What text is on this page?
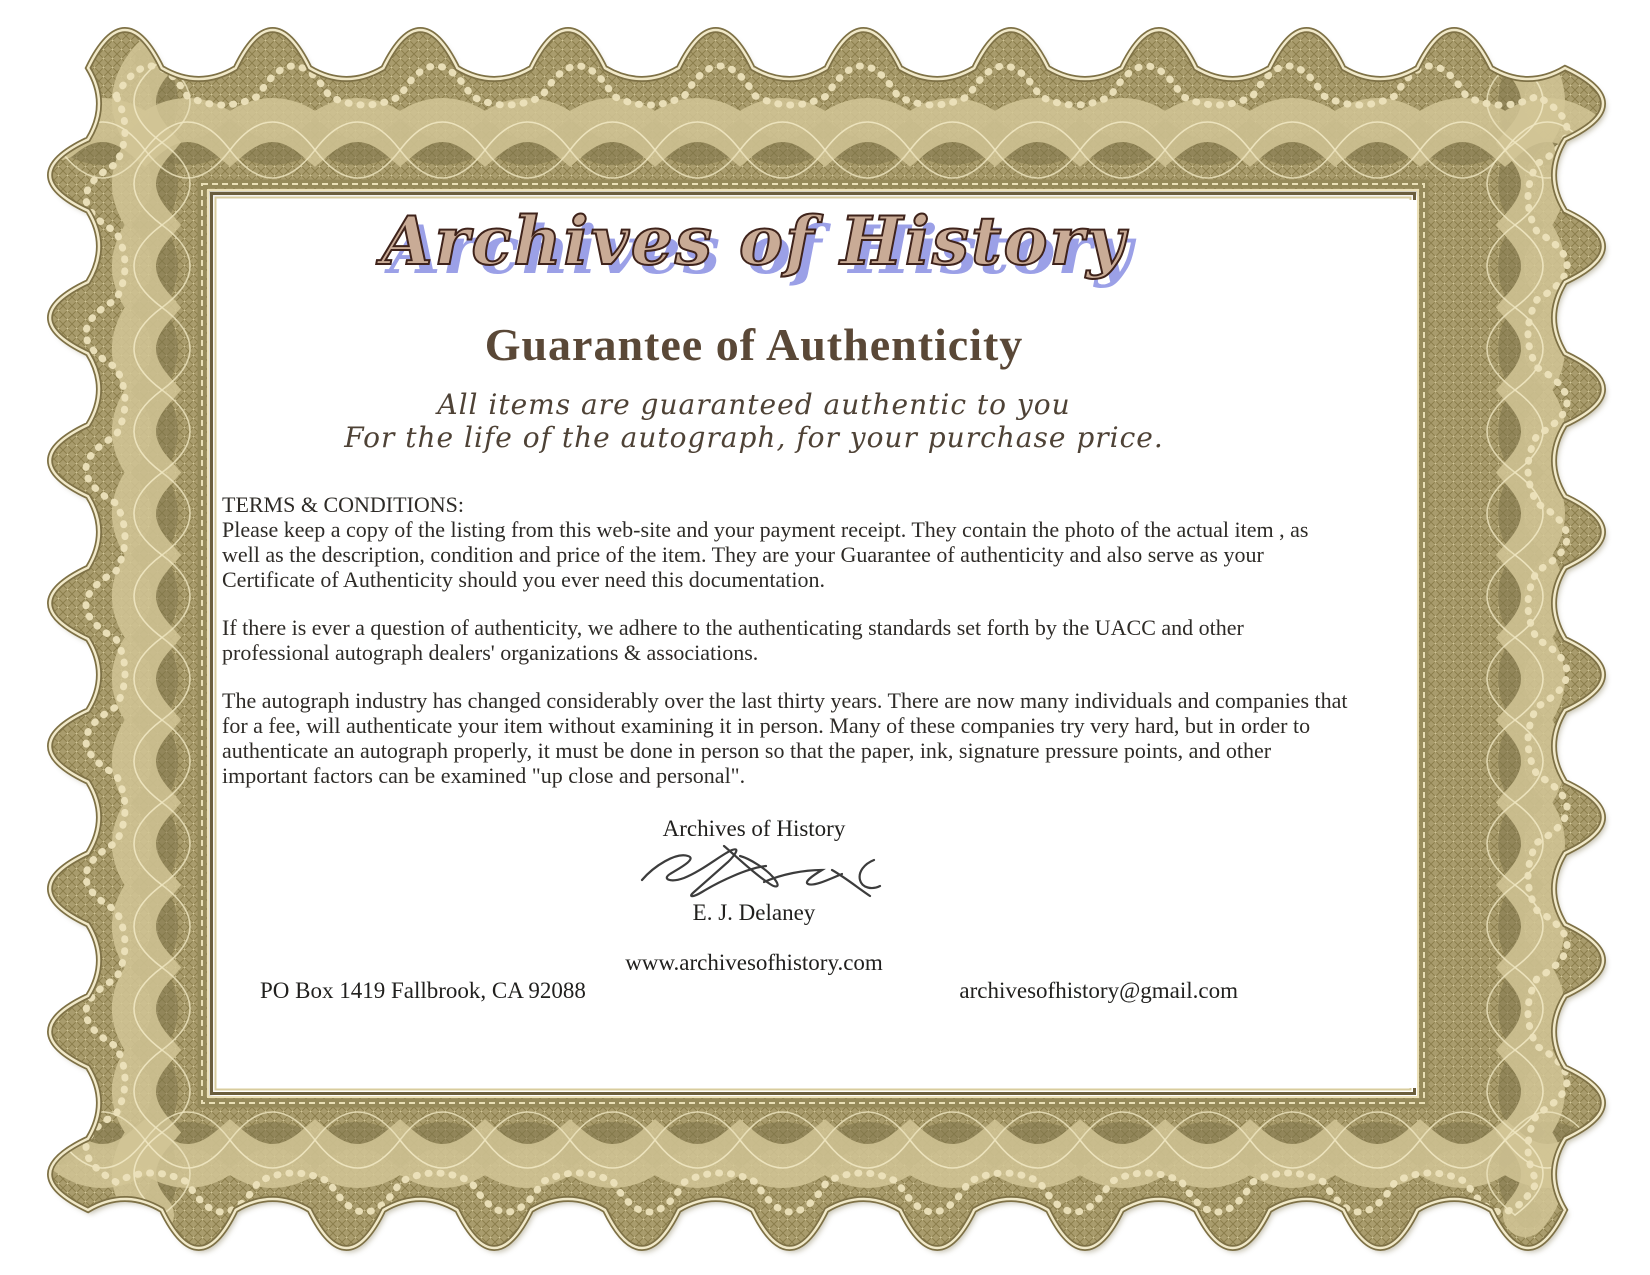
Archives of History
Guarantee of Authenticity
All items are guaranteed authentic to you
For the life of the autograph, for your purchase price.

TERMS & CONDITIONS:

Please keep a copy of the listing from this web-site and your payment receipt. They contain the photo of the actual item , as well as the description, condition and price of the item. They are your Guarantee of authenticity and also serve as your Certificate of Authenticity should you ever need this documentation.

If there is ever a question of authenticity, we adhere to the authenticating standards set forth by the UACC and other professional autograph dealers' organizations & associations.

The autograph industry has changed considerably over the last thirty years. There are now many individuals and companies that for a fee, will authenticate your item without examining it in person. Many of these companies try very hard, but in order to authenticate an autograph properly, it must be done in person so that the paper, ink, signature pressure points, and other important factors can be examined "up close and personal".

Archives of History
E. J. Delaney
www.archivesofhistory.com
PO Box 1419 Fallbrook, CA 92088	archivesofhistory@gmail.com
